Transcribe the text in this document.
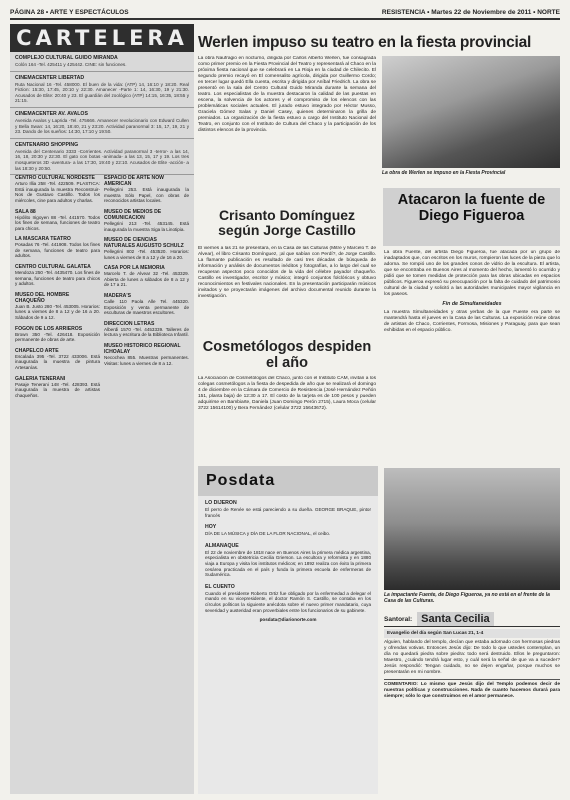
PÁGINA 28 • ARTE Y ESPECTÁCULOS	RESISTENCIA • Martes 22 de Noviembre de 2011 • NORTE
CARTELERA
COMPLEJO CULTURAL GUIDO MIRANDA
Colón 164 -Tel. 425411 y 425442. CINE: sin funciones.
CINEMACENTER LIBERTAD
Ruta Nacional 16 -Tel. 458000. El buen de la vida: (ATP) 14, 16:10 y 18:20. Real Fiction: 15:30, 17:45, 20:10 y 22:30. Amanecer -Parte 1: 14, 16:30, 19 y 21:30. Acusados de Elite: 20:40 y 23. El guardián del zoológico (ATP) 14:15, 16:35, 18:55 y 21:15.
CINEMACENTER AV. AVALOS
Avenida Avalos y Laprida -Tel. 475666. Amanecer revolucionario con Edward Cullen y Bella Swan: 14, 16:20, 18:40, 21 y 23:20. Actividad paranormal 3: 15, 17, 19, 21 y 23. Dando de los sueños: 14:30, 17:10 y 19:50.
CENTENARIO SHOPPING
Avenida del Centenario 3333 -Corrientes. Actividad paranormal 3 -terror- a las 14, 16, 18, 20:30 y 22:30. El gato con botas -animada- a las 13, 15, 17 y 19. Los tres mosqueteros 3D -aventura- a las 17:30, 19:40 y 22:10. Acusados de Elite -acción- a las 18:30 y 20:50.
CENTRO CULTURAL NORDESTE
Arturo Illia 258 -Tel. 422509. PLASTICA: Está inaugurada la muestra Reconstruir-Nos de Gustavo Castillo. Todos los miércoles, cine para adultos y charlas.
SALA 88
Hipólito Irigoyen 88 -Tel. 441570. Todos los fines de semana, funciones de teatro para chicos.
LA MASCARA TEATRO
Posadas 76 -Tel. 441908. Todos los fines de semana, funciones de teatro para adultos.
CENTRO CULTURAL GALATEA
Mendoza 250 -Tel. 4435470. Los fines de semana, funciones de teatro para chicos y adultos.
MUSEO DEL HOMBRE CHAQUEÑO
Juan B. Justo 280 -Tel. 453005. Horarios: lunes a viernes de 8 a 12 y de 16 a 20. Sábados de 9 a 12.
FOGON DE LOS ARRIEROS
Brown 350 -Tel. 426418. Exposición permanente de obras de arte.
CHAPELCO ARTE
Escalada 395 -Tel. 3722 433006. Está inaugurada la muestra de pintura Artesanías.
GALERIA TENERANI
Pasaje Tenerani 148 -Tel. 428393. Está inaugurada la muestra de artistas chaqueños.
ESPACIO DE ARTE NOW AMERICAN
Pellegrini 253. Está inaugurada la muestra Sólo Papel, con obras de reconocidos artistas locales.
MUSEO DE MEDIOS DE COMUNICACION
Pellegrini 213 -Tel. 453145. Está inaugurada la muestra Siga la Linotipia.
MUSEO DE CIENCIAS NATURALES AUGUSTO SCHULZ
Pellegrini 802 -Tel. 453520. Horarios: lunes a viernes de 8 a 12 y de 16 a 20.
CASA POR LA MEMORIA
Marcelo T. de Alvear 32 -Tel. 453329. Abierta de lunes a sábados de 8 a 12 y de 17 a 21.
MADERA'S
Calle 110 Paola Alle Tel. 445320. Exposición y venta permanente de esculturas de maestros escultores.
DIRECCION LETRAS
Alberdi 1570 -Tel. 4453339. Talleres de lectura y escritura de la Biblioteca Infantil.
MUSEO HISTORICO REGIONAL ICHOALAY
Necochea 855. Muestras permanentes. Visitas: lunes a viernes de 8 a 12.
Werlen impuso su teatro en la fiesta provincial
La obra Naufragio en nocturno, dirigida por Carlos Alberto Werlen, fue consagrada como primer premio en la Fiesta Provincial del Teatro y representará al Chaco en la próxima fiesta nacional que se celebrará en La Rioja en la ciudad de Chilecito. El segundo premio recayó en El comensalito agrícola, dirigida por Guillermo Cordo; en tercer lugar quedó Ella cuenta, escrita y dirigida por Aníbal Friedrich. La obra se presentó en la sala del Centro Cultural Guido Miranda durante la semana del teatro. Los especialistas de la muestra destacaron la calidad de las puestas en escena, la solvencia de los actores y el compromiso de los elencos con las problemáticas sociales actuales. El jurado estuvo integrado por Héctor Musso, Graciela Gómez Salas y Daniel Casey, quienes determinaron la grilla de premiados. La organización de la fiesta estuvo a cargo del Instituto Nacional del Teatro, en conjunto con el Instituto de Cultura del Chaco y la participación de los distintos elencos de la provincia.
La obra de Werlen se impuso en la Fiesta Provincial
Crisanto Domínguez según Jorge Castillo
El viernes a las 21 se presentará, en la Casa de las Culturas (Mitre y Marcelo T. de Alvear), el libro Crisanto Domínguez, ¡al que sabían con Perdí?, de Jorge Castillo. La flamante publicación es resultado de casi tres décadas de búsqueda de información y análisis de documentos inéditos y fotografías, a lo largo del cual se recuperan aspectos poco conocidos de la vida del célebre payador chaqueño. Castillo es investigador, escritor y músico; integró conjuntos folclóricos y obtuvo reconocimientos en festivales nacionales. En la presentación participarán músicos invitados y se proyectarán imágenes del archivo documental reunido durante la investigación.
Cosmetólogos despiden el año
La Asociación de Cosmetólogos del Chaco, junto con el Instituto CAM, invitan a los colegas cosmetólogos a la fiesta de despedida de año que se realizará el domingo 4 de diciembre en la Cámara de Comercio de Resistencia (José Hernández Peñón 151, planta baja) de 12:30 a 17. El costo de la tarjeta es de 100 pesos y pueden adquirirse en Bambiarte, Daniela (Juan Domingo Perón 2715), Laura Moca (celular 3722 15614100) y Bera Fernández (celular 3722 15643672).
Posdata
LO DIJERON
El perro de Renée se está pareciendo a su dueña. GEORGE BRAQUE, pintor francés
HOY
DÍA DE LA MÚSICA y DÍA DE LA FLOR NACIONAL, el ceibo.
ALMANAQUE
El 22 de noviembre de 1818 nace en Buenos Aires la primera médica argentina, especialista en obstetricia Cecilia Grierson. La escultora y reformista y en 1880 viaja a Europa y visita los institutos médicos; en 1892 realiza con éxito la primera cesárea practicada en el país y funda la primera escuela de enfermeras de Sudamérica.
EL CUENTO
Cuando el presidente Roberto Ortiz fue obligado por la enfermedad a delegar el mando en su vicepresidente, el doctor Ramón S. Castillo, se contaba en los círculos políticos la siguiente anécdota sobre el nuevo primer mandatario, cuya severidad y austeridad eran proverbiales entre los funcionarios de su gabinete.
posdata@diarionorte.com
Atacaron la fuente de Diego Figueroa
La obra Fuente, del artista Diego Figueroa, fue atacada por un grupo de inadaptados que, con escritos en los muros, rompieron las luces de la pieza que lo adorna. Se rompió uno de los grandes conos de vidrio de la escultura. El artista, que se encontraba en Buenos Aires al momento del hecho, lamentó lo ocurrido y pidió que se tomen medidas de protección para las obras ubicadas en espacios públicos. Figueroa expresó su preocupación por la falta de cuidado del patrimonio cultural de la ciudad y solicitó a las autoridades municipales mayor vigilancia en los paseos.
Fin de Simultaneidades
La muestra Simultaneidades y otras yerbas de la que Fuente era parte se mantendrá hasta el jueves en la Casa de las Culturas. La exposición reúne obras de artistas de Chaco, Corrientes, Formosa, Misiones y Paraguay, para que sean exhibidas en el espacio público.
La impactante Fuente, de Diego Figueroa, ya no está en el frente de la Casa de las Culturas.
Santoral: Santa Cecilia
Evangelio del día según San Lucas 21, 1-4
Alguien, hablando del templo, decían que estaba adornado con hermosas piedras y ofrendas votivas. Entonces Jesús dijo: De todo lo que ustedes contemplan, un día no quedará piedra sobre piedra: todo será destruido. Ellos le preguntaron: Maestro, ¿cuándo tendrá lugar esto, y cuál será la señal de que va a suceder? Jesús respondió: Tengan cuidado, no se dejen engañar, porque muchos se presentarán en mi nombre.
COMENTARIO: Lo mismo que Jesús dijo del Templo podemos decir de nuestras políticas y construcciones. Nada de cuanto hacemos durará para siempre; sólo lo que construimos en el amor permanece.
